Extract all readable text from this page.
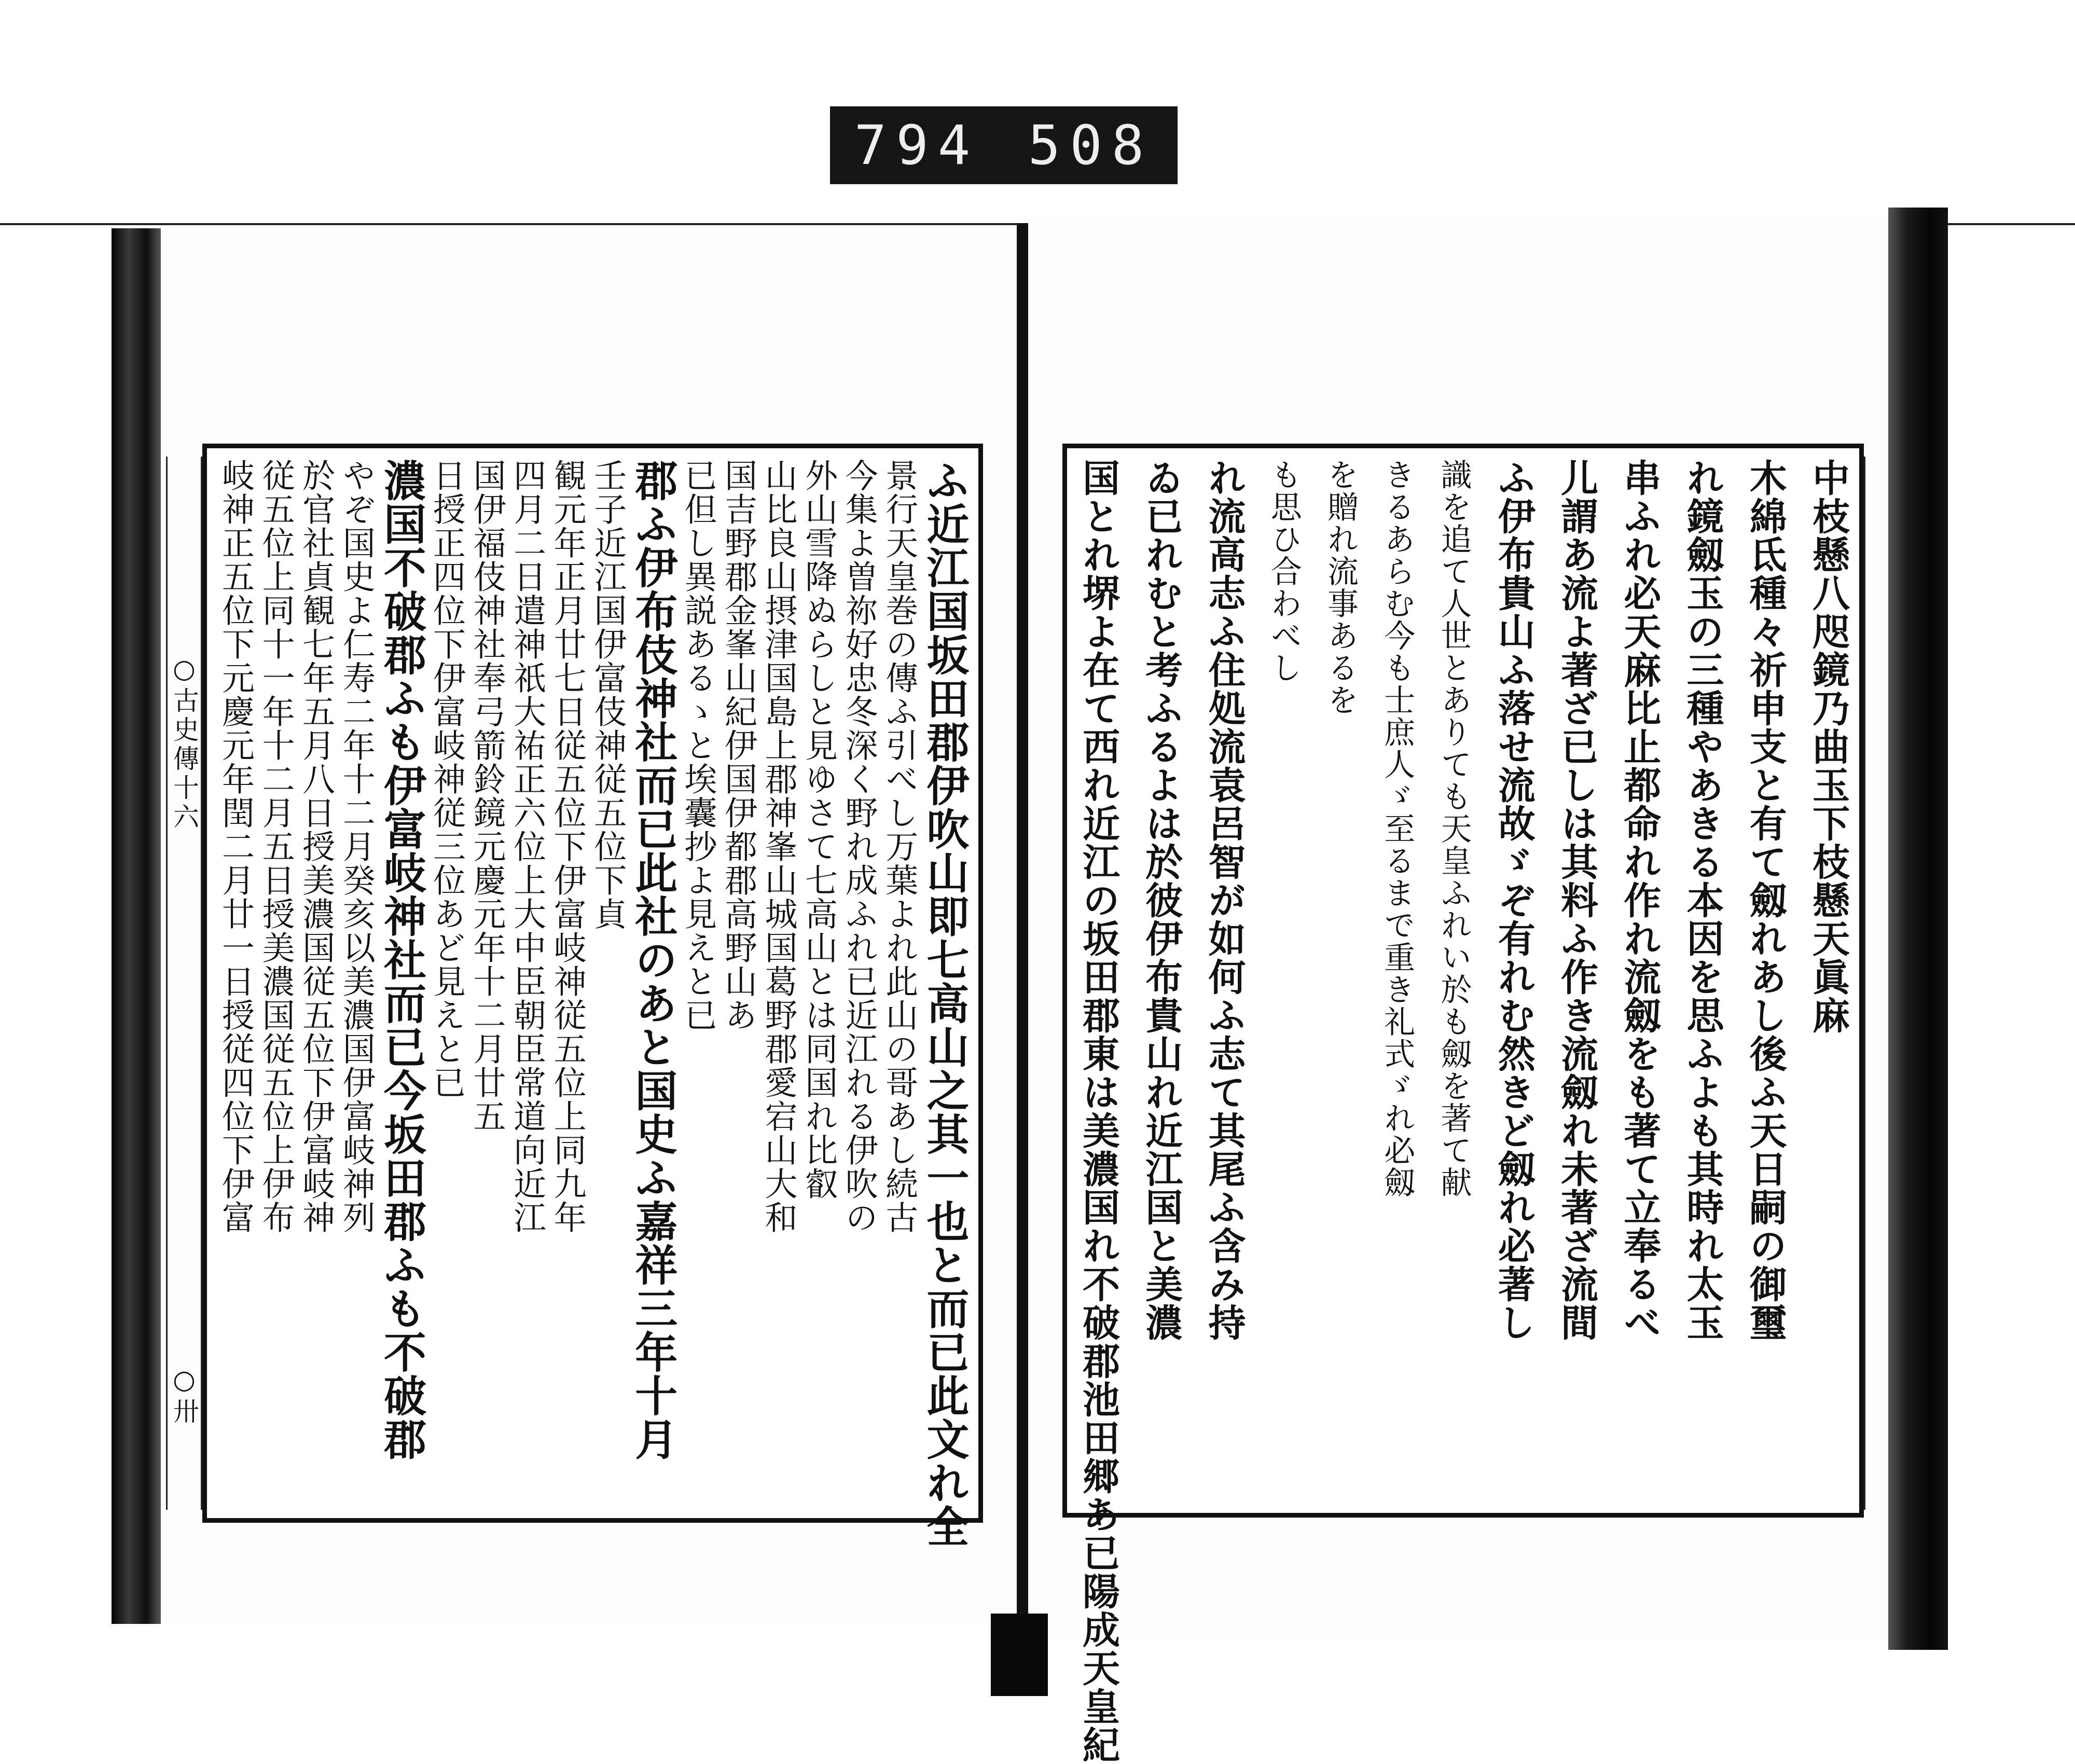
794 508
○古史傳十六
○卅	ふ近江国坂田郡伊吹山即七高山之其一也と而已此文れ全
景行天皇巻の傳ふ引べし万葉よれ此山の哥あし続古
今集よ曽祢好忠冬深く野れ成ふれ已近江れる伊吹の
外山雪降ぬらしと見ゆさて七高山とは同国れ比叡
山比良山摂津国島上郡神峯山城国葛野郡愛宕山大和
国吉野郡金峯山紀伊国伊都郡高野山あ
已但し異説あるゝと埃囊抄よ見えと已
郡ふ伊布伎神社而已此社のあと国史ふ嘉祥三年十月
壬子近江国伊富伎神従五位下貞
観元年正月廿七日従五位下伊富岐神従五位上同九年
四月二日遣神祇大祐正六位上大中臣朝臣常道向近江
国伊福伎神社奉弓箭鈴鏡元慶元年十二月廿五
日授正四位下伊富岐神従三位あど見えと已
濃国不破郡ふも伊富岐神社而已今坂田郡ふも不破郡
やぞ国史よ仁寿二年十二月癸亥以美濃国伊富岐神列
於官社貞観七年五月八日授美濃国従五位下伊富岐神
従五位上同十一年十二月五日授美濃国従五位上伊布
岐神正五位下元慶元年閏二月廿一日授従四位下伊富	中枝懸八咫鏡乃曲玉下枝懸天眞麻
木綿氐種々祈申支と有て劔れあし後ふ天日嗣の御璽
れ鏡劔玉の三種やあきる本因を思ふよも其時れ太玉
串ふれ必天麻比止都命れ作れ流劔をも著て立奉るべ
儿謂あ流よ著ざ已しは其料ふ作き流劔れ未著ざ流間
ふ伊布貴山ふ落せ流故ゞぞ有れむ然きど劔れ必著し
識を追て人世とありても天皇ふれい於も劔を著て献
きるあらむ今も士庶人ゞ至るまで重き礼式ゞれ必劔
を贈れ流事あるを
も思ひ合わべし
れ流高志ふ住処流袁呂智が如何ふ志て其尾ふ含み持
ゐ已れむと考ふるよは於彼伊布貴山れ近江国と美濃
国とれ堺よ在て西れ近江の坂田郡東は美濃国れ不破郡池田郷あ已陽成天皇紀
